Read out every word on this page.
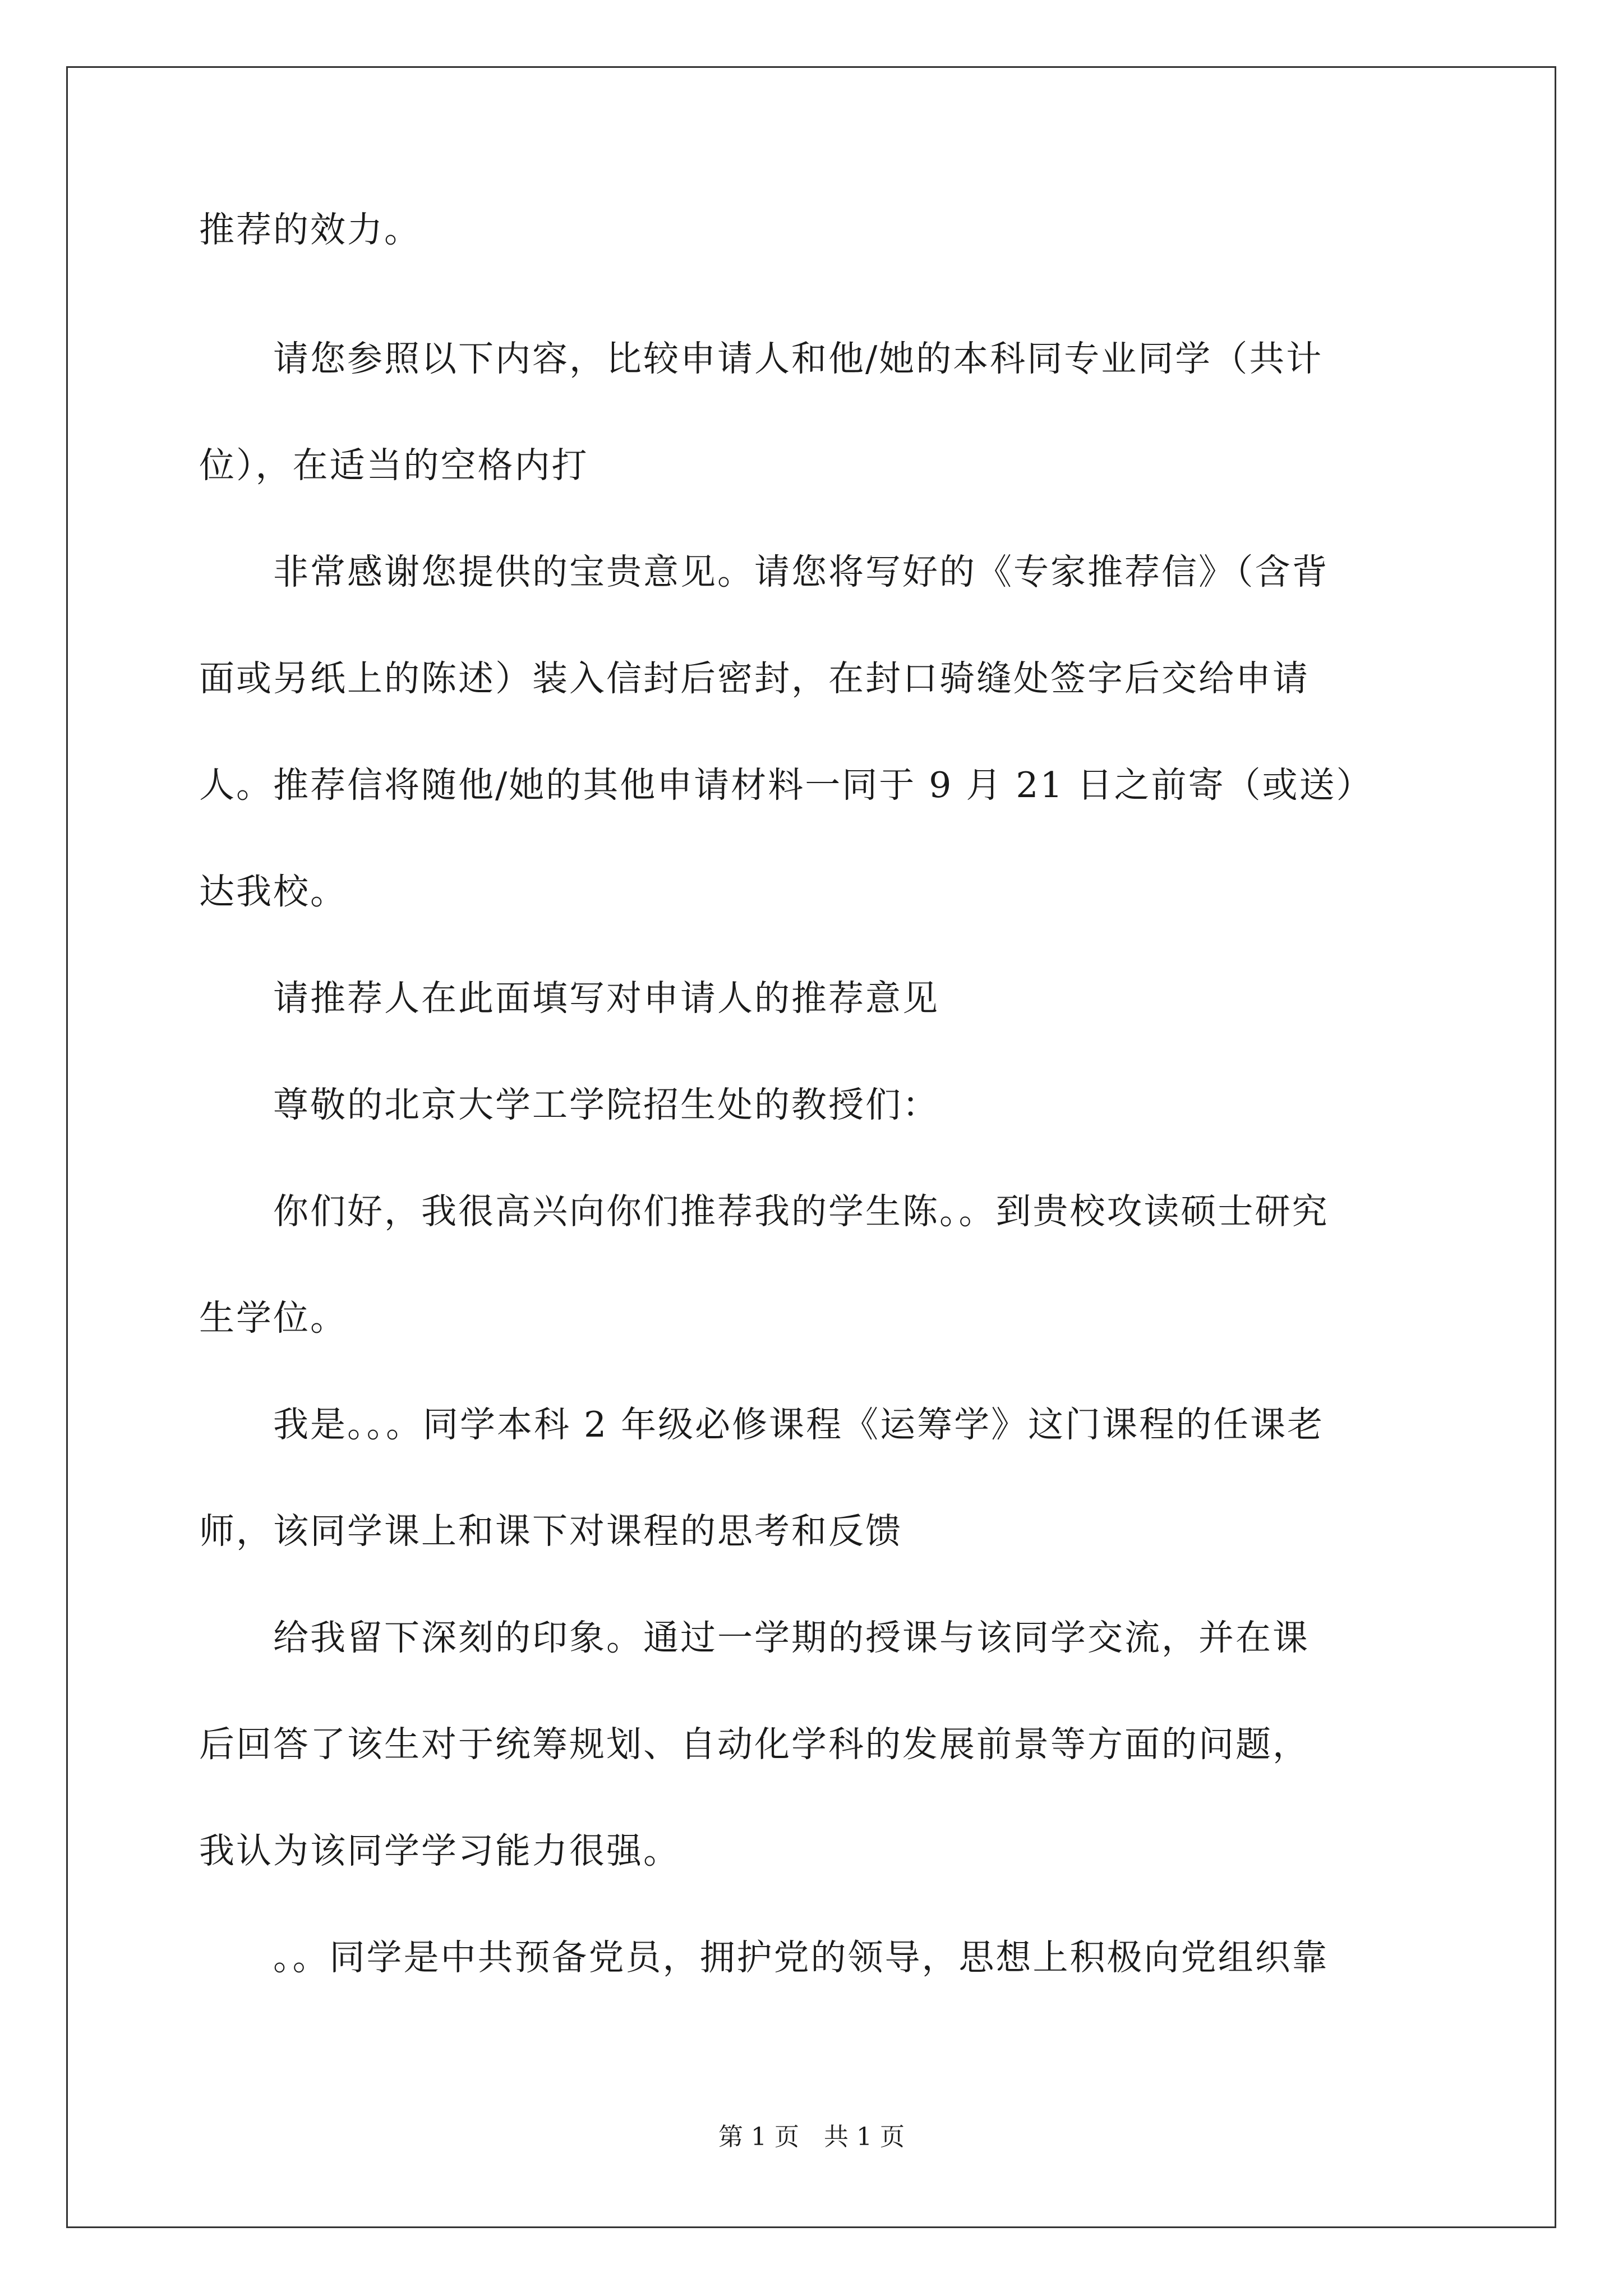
推荐的效力。
　　请您参照以下内容，比较申请人和他/她的本科同专业同学（共计
位），在适当的空格内打
　　非常感谢您提供的宝贵意见。请您将写好的《专家推荐信》（含背
面或另纸上的陈述）装入信封后密封，在封口骑缝处签字后交给申请
人。推荐信将随他/她的其他申请材料一同于 9 月 21 日之前寄（或送）
达我校。
　　请推荐人在此面填写对申请人的推荐意见
　　尊敬的北京大学工学院招生处的教授们：
　　你们好，我很高兴向你们推荐我的学生陈。。到贵校攻读硕士研究
生学位。
　　我是。。。同学本科 2 年级必修课程《运筹学》这门课程的任课老
师，该同学课上和课下对课程的思考和反馈
　　给我留下深刻的印象。通过一学期的授课与该同学交流，并在课
后回答了该生对于统筹规划、自动化学科的发展前景等方面的问题，
我认为该同学学习能力很强。
　　。。同学是中共预备党员，拥护党的领导，思想上积极向党组织靠
第 1 页　共 1 页
